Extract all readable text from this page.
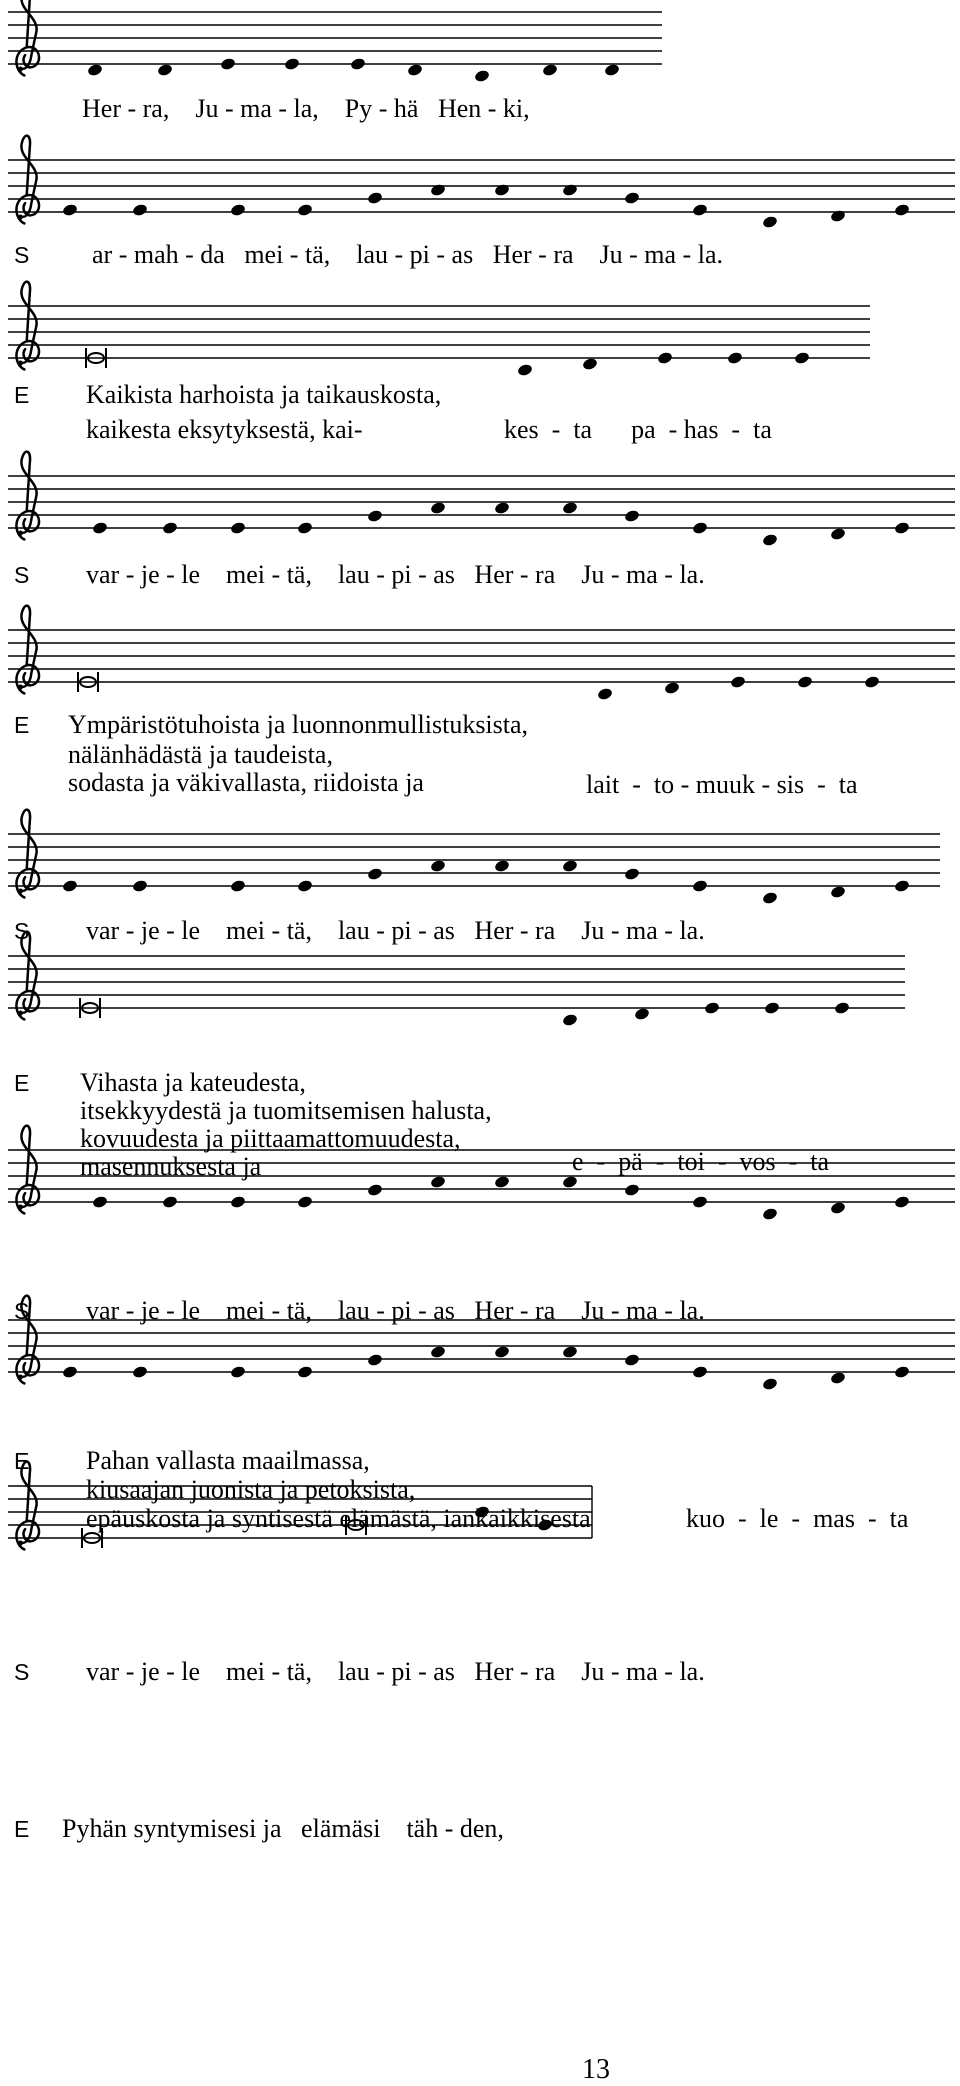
Her - ra,    Ju - ma - la,    Py - hä   Hen - ki,
S ar - mah - da   mei - tä,    lau - pi - as   Her - ra    Ju - ma - la.
E Kaikista harhoista ja taikauskosta,
kaikesta eksytyksestä, kai-	kes  -  ta      pa  - has  -  ta
S var - je - le    mei - tä,    lau - pi - as   Her - ra    Ju - ma - la.
E Ympäristötuhoista ja luonnonmullistuksista,
nälänhädästä ja taudeista,
sodasta ja väkivallasta, riidoista ja	lait  -  to - muuk - sis  -  ta
S var - je - le    mei - tä,    lau - pi - as   Her - ra    Ju - ma - la.
E Vihasta ja kateudesta,
itsekkyydestä ja tuomitsemisen halusta,
kovuudesta ja piittaamattomuudesta,
masennuksesta ja	e  -  pä  -  toi  -  vos  -  ta
S var - je - le    mei - tä,    lau - pi - as   Her - ra    Ju - ma - la.
E Pahan vallasta maailmassa,
kiusaajan juonista ja petoksista,
epäuskosta ja syntisestä elämästä, iankaikkisesta	kuo  -  le  -  mas  -  ta
S var - je - le    mei - tä,    lau - pi - as   Her - ra    Ju - ma - la.
E Pyhän syntymisesi ja   elämäsi    täh - den,
13
